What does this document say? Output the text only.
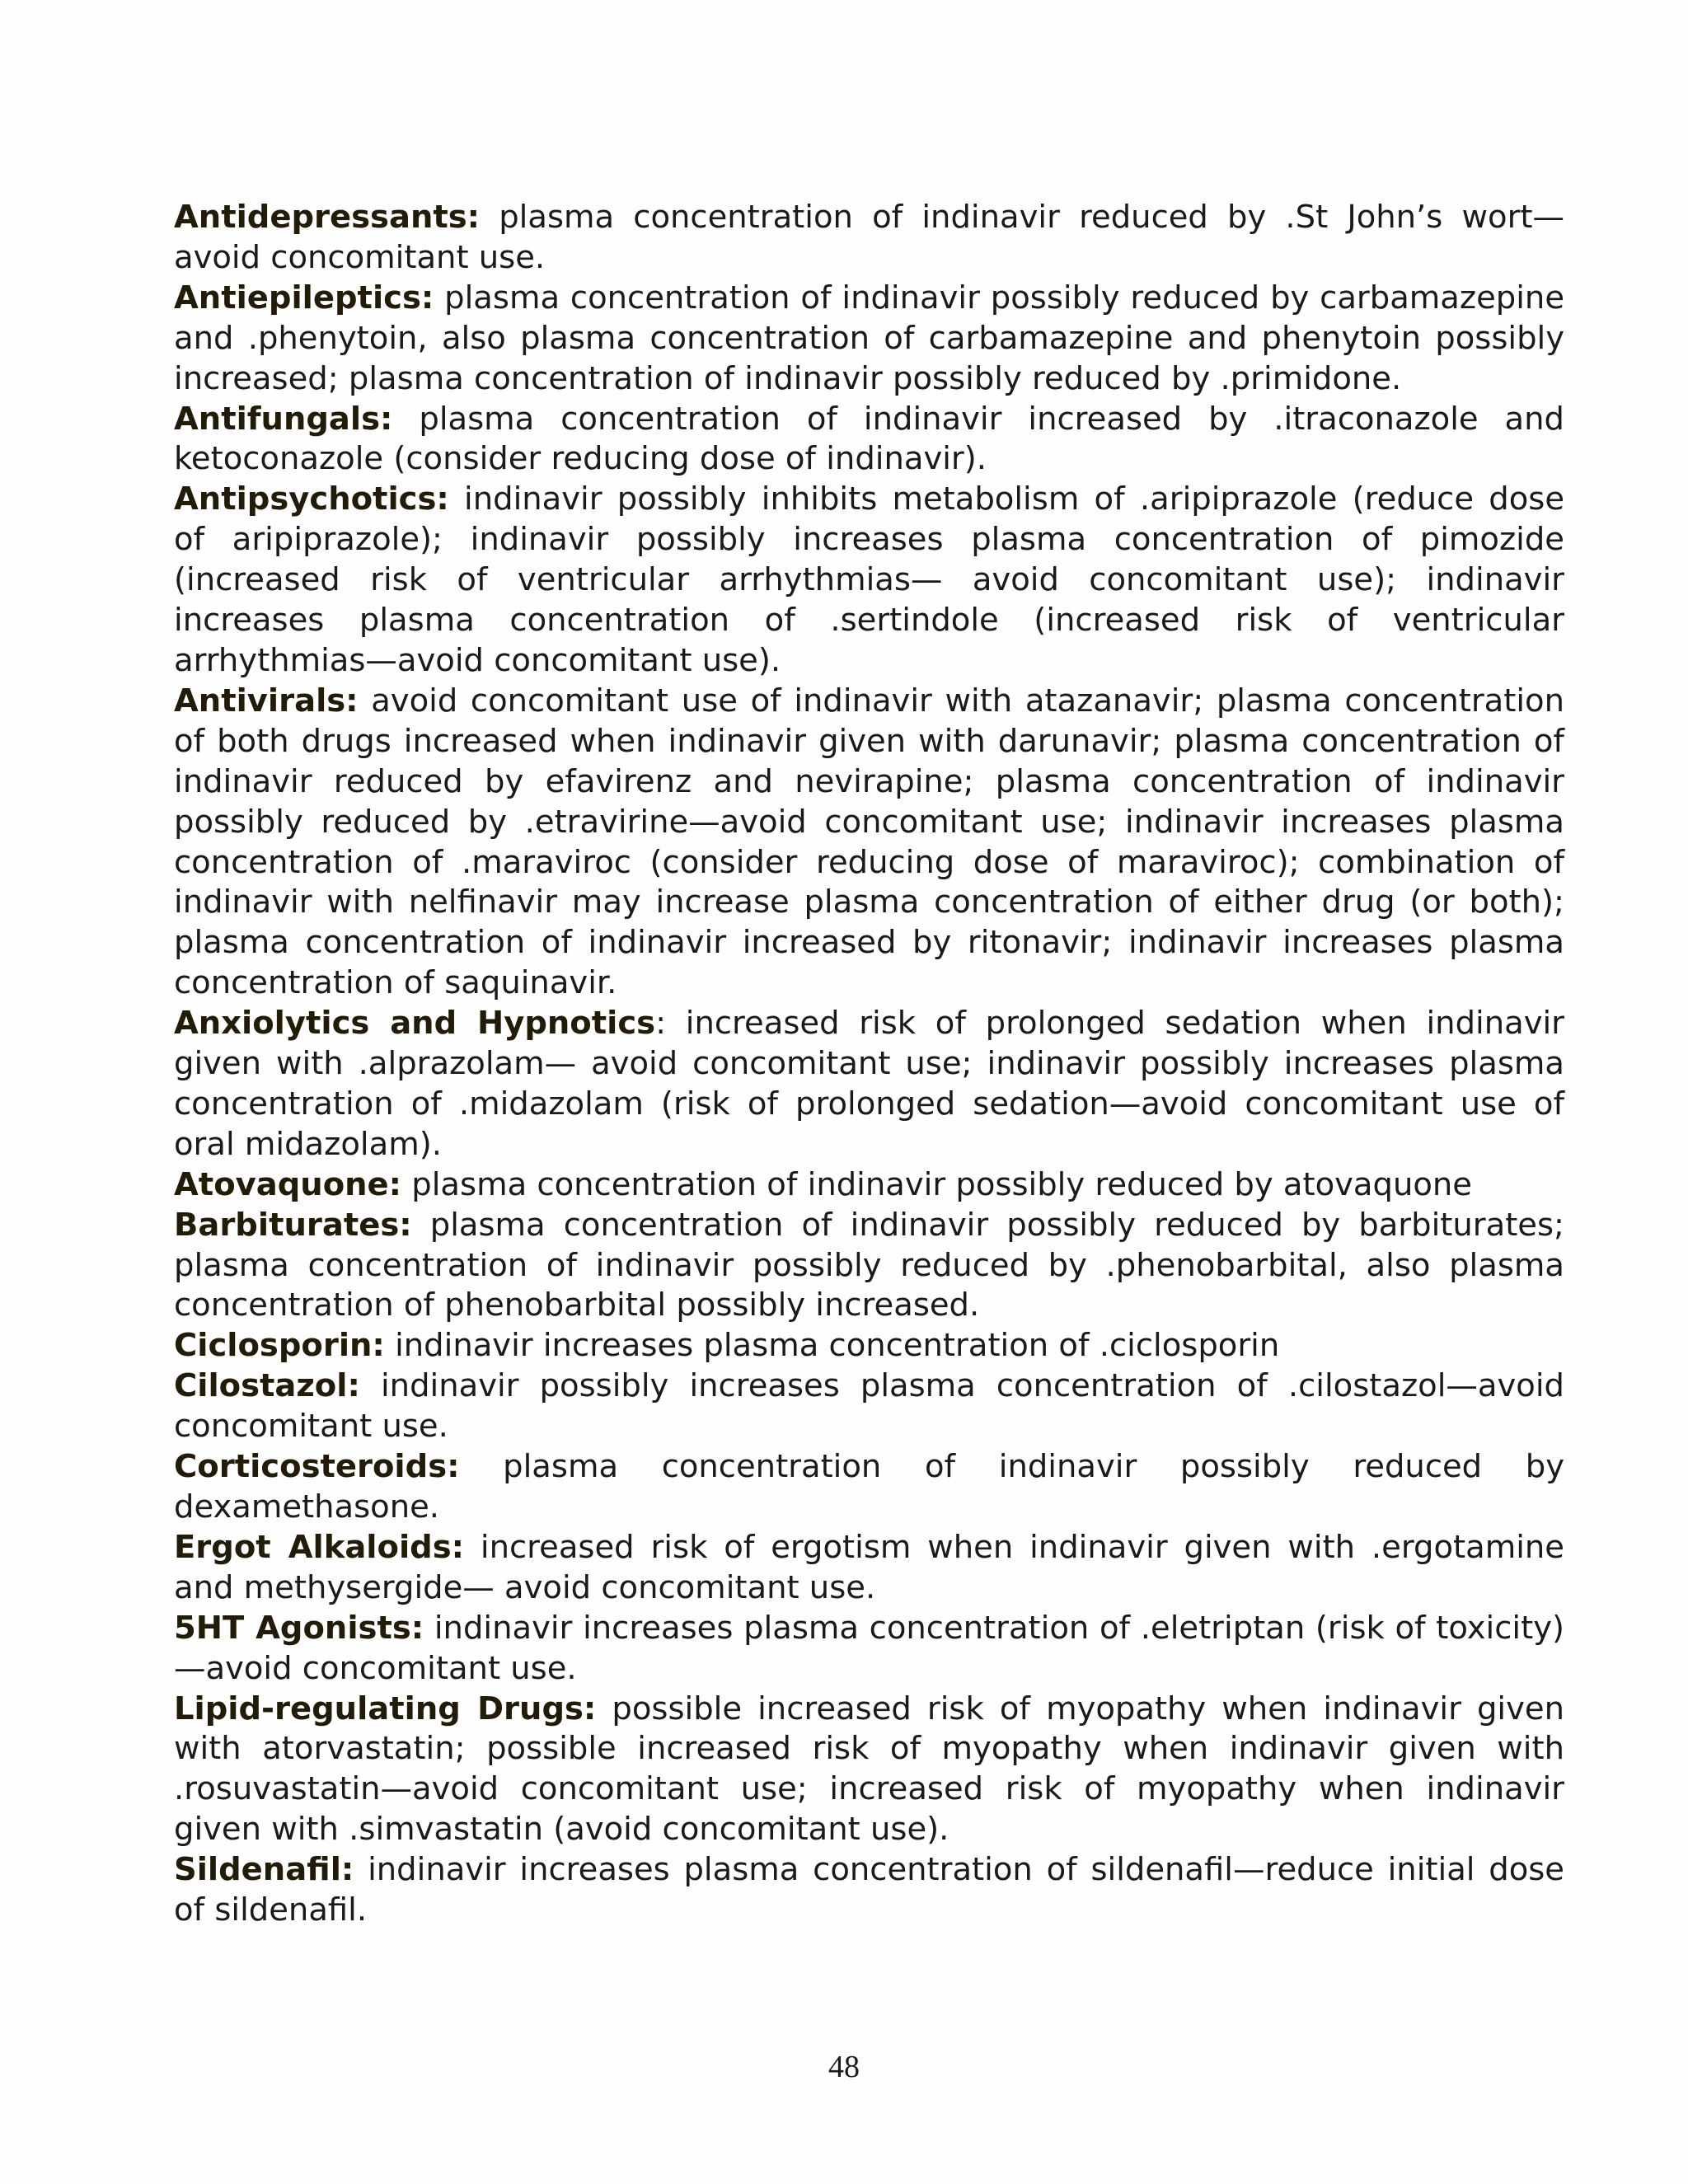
Antidepressants: plasma concentration of indinavir reduced by .St John’s wort—avoid concomitant use.

Antiepileptics: plasma concentration of indinavir possibly reduced by carbamazepine and .phenytoin, also plasma concentration of carbamazepine and phenytoin possibly increased; plasma concentration of indinavir possibly reduced by .primidone.

Antifungals: plasma concentration of indinavir increased by .itraconazole and ketoconazole (consider reducing dose of indinavir).

Antipsychotics: indinavir possibly inhibits metabolism of .aripiprazole (reduce dose of aripiprazole); indinavir possibly increases plasma concentration of pimozide (increased risk of ventricular arrhythmias— avoid concomitant use); indinavir increases plasma concentration of .sertindole (increased risk of ventricular arrhythmias—avoid concomitant use).

Antivirals: avoid concomitant use of indinavir with atazanavir; plasma concentration of both drugs increased when indinavir given with darunavir; plasma concentration of indinavir reduced by efavirenz and nevirapine; plasma concentration of indinavir possibly reduced by .etravirine—avoid concomitant use; indinavir increases plasma concentration of .maraviroc (consider reducing dose of maraviroc); combination of indinavir with nelfinavir may increase plasma concentration of either drug (or both); plasma concentration of indinavir increased by ritonavir; indinavir increases plasma concentration of saquinavir.

Anxiolytics and Hypnotics: increased risk of prolonged sedation when indinavir given with .alprazolam— avoid concomitant use; indinavir possibly increases plasma concentration of .midazolam (risk of prolonged sedation—avoid concomitant use of oral midazolam).

Atovaquone: plasma concentration of indinavir possibly reduced by atovaquone

Barbiturates: plasma concentration of indinavir possibly reduced by barbiturates; plasma concentration of indinavir possibly reduced by .phenobarbital, also plasma concentration of phenobarbital possibly increased.

Ciclosporin: indinavir increases plasma concentration of .ciclosporin

Cilostazol: indinavir possibly increases plasma concentration of .cilostazol—avoid concomitant use.

Corticosteroids: plasma concentration of indinavir possibly reduced by dexamethasone.

Ergot Alkaloids: increased risk of ergotism when indinavir given with .ergotamine and methysergide— avoid concomitant use.

5HT Agonists: indinavir increases plasma concentration of .eletriptan (risk of toxicity)—avoid concomitant use.

Lipid-regulating Drugs: possible increased risk of myopathy when indinavir given with atorvastatin; possible increased risk of myopathy when indinavir given with .rosuvastatin—avoid concomitant use; increased risk of myopathy when indinavir given with .simvastatin (avoid concomitant use).

Sildenafil: indinavir increases plasma concentration of sildenafil—reduce initial dose of sildenafil.

48
